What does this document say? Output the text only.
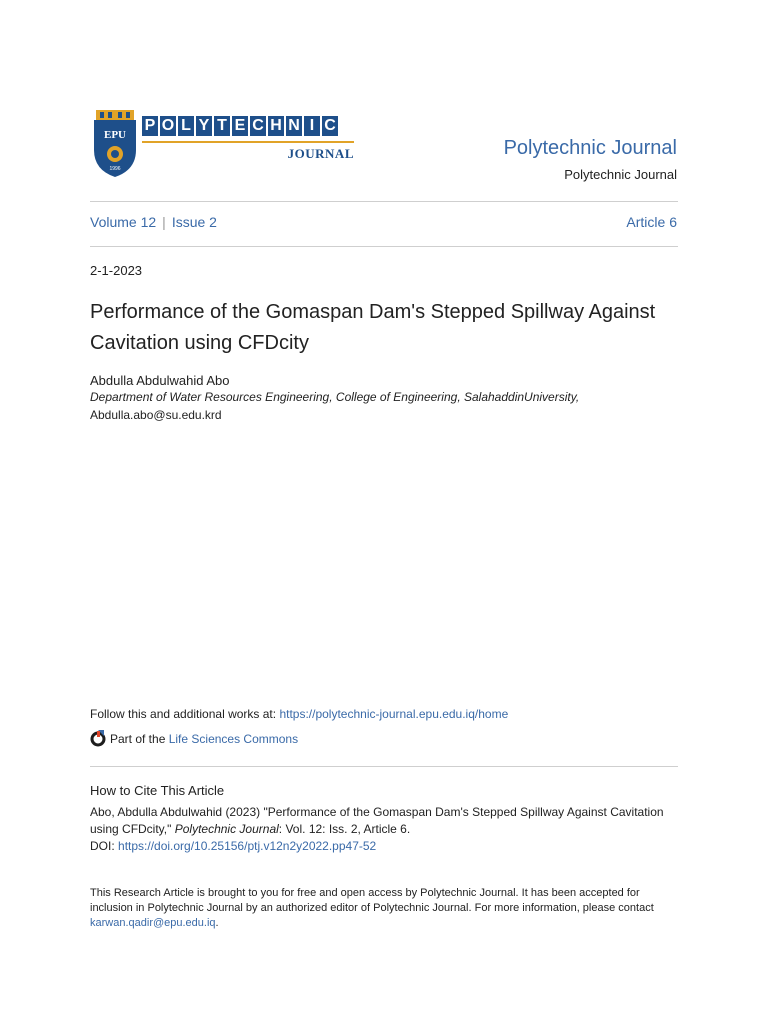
EPU
1996
P O L Y T E C H N I C
JOURNAL	Polytechnic Journal
Polytechnic Journal
Volume 12 | Issue 2	Article 6
2-1-2023
Performance of the Gomaspan Dam's Stepped Spillway Against Cavitation using CFDcity
Abdulla Abdulwahid Abo
Department of Water Resources Engineering, College of Engineering, SalahaddinUniversity,
Abdulla.abo@su.edu.krd
Follow this and additional works at: https://polytechnic-journal.epu.edu.iq/home
Part of the
Life Sciences Commons
How to Cite This Article
Abo, Abdulla Abdulwahid (2023) "Performance of the Gomaspan Dam's Stepped Spillway Against Cavitation using CFDcity," Polytechnic Journal: Vol. 12: Iss. 2, Article 6.
DOI: https://doi.org/10.25156/ptj.v12n2y2022.pp47-52
This Research Article is brought to you for free and open access by Polytechnic Journal. It has been accepted for inclusion in Polytechnic Journal by an authorized editor of Polytechnic Journal. For more information, please contact karwan.qadir@epu.edu.iq.
